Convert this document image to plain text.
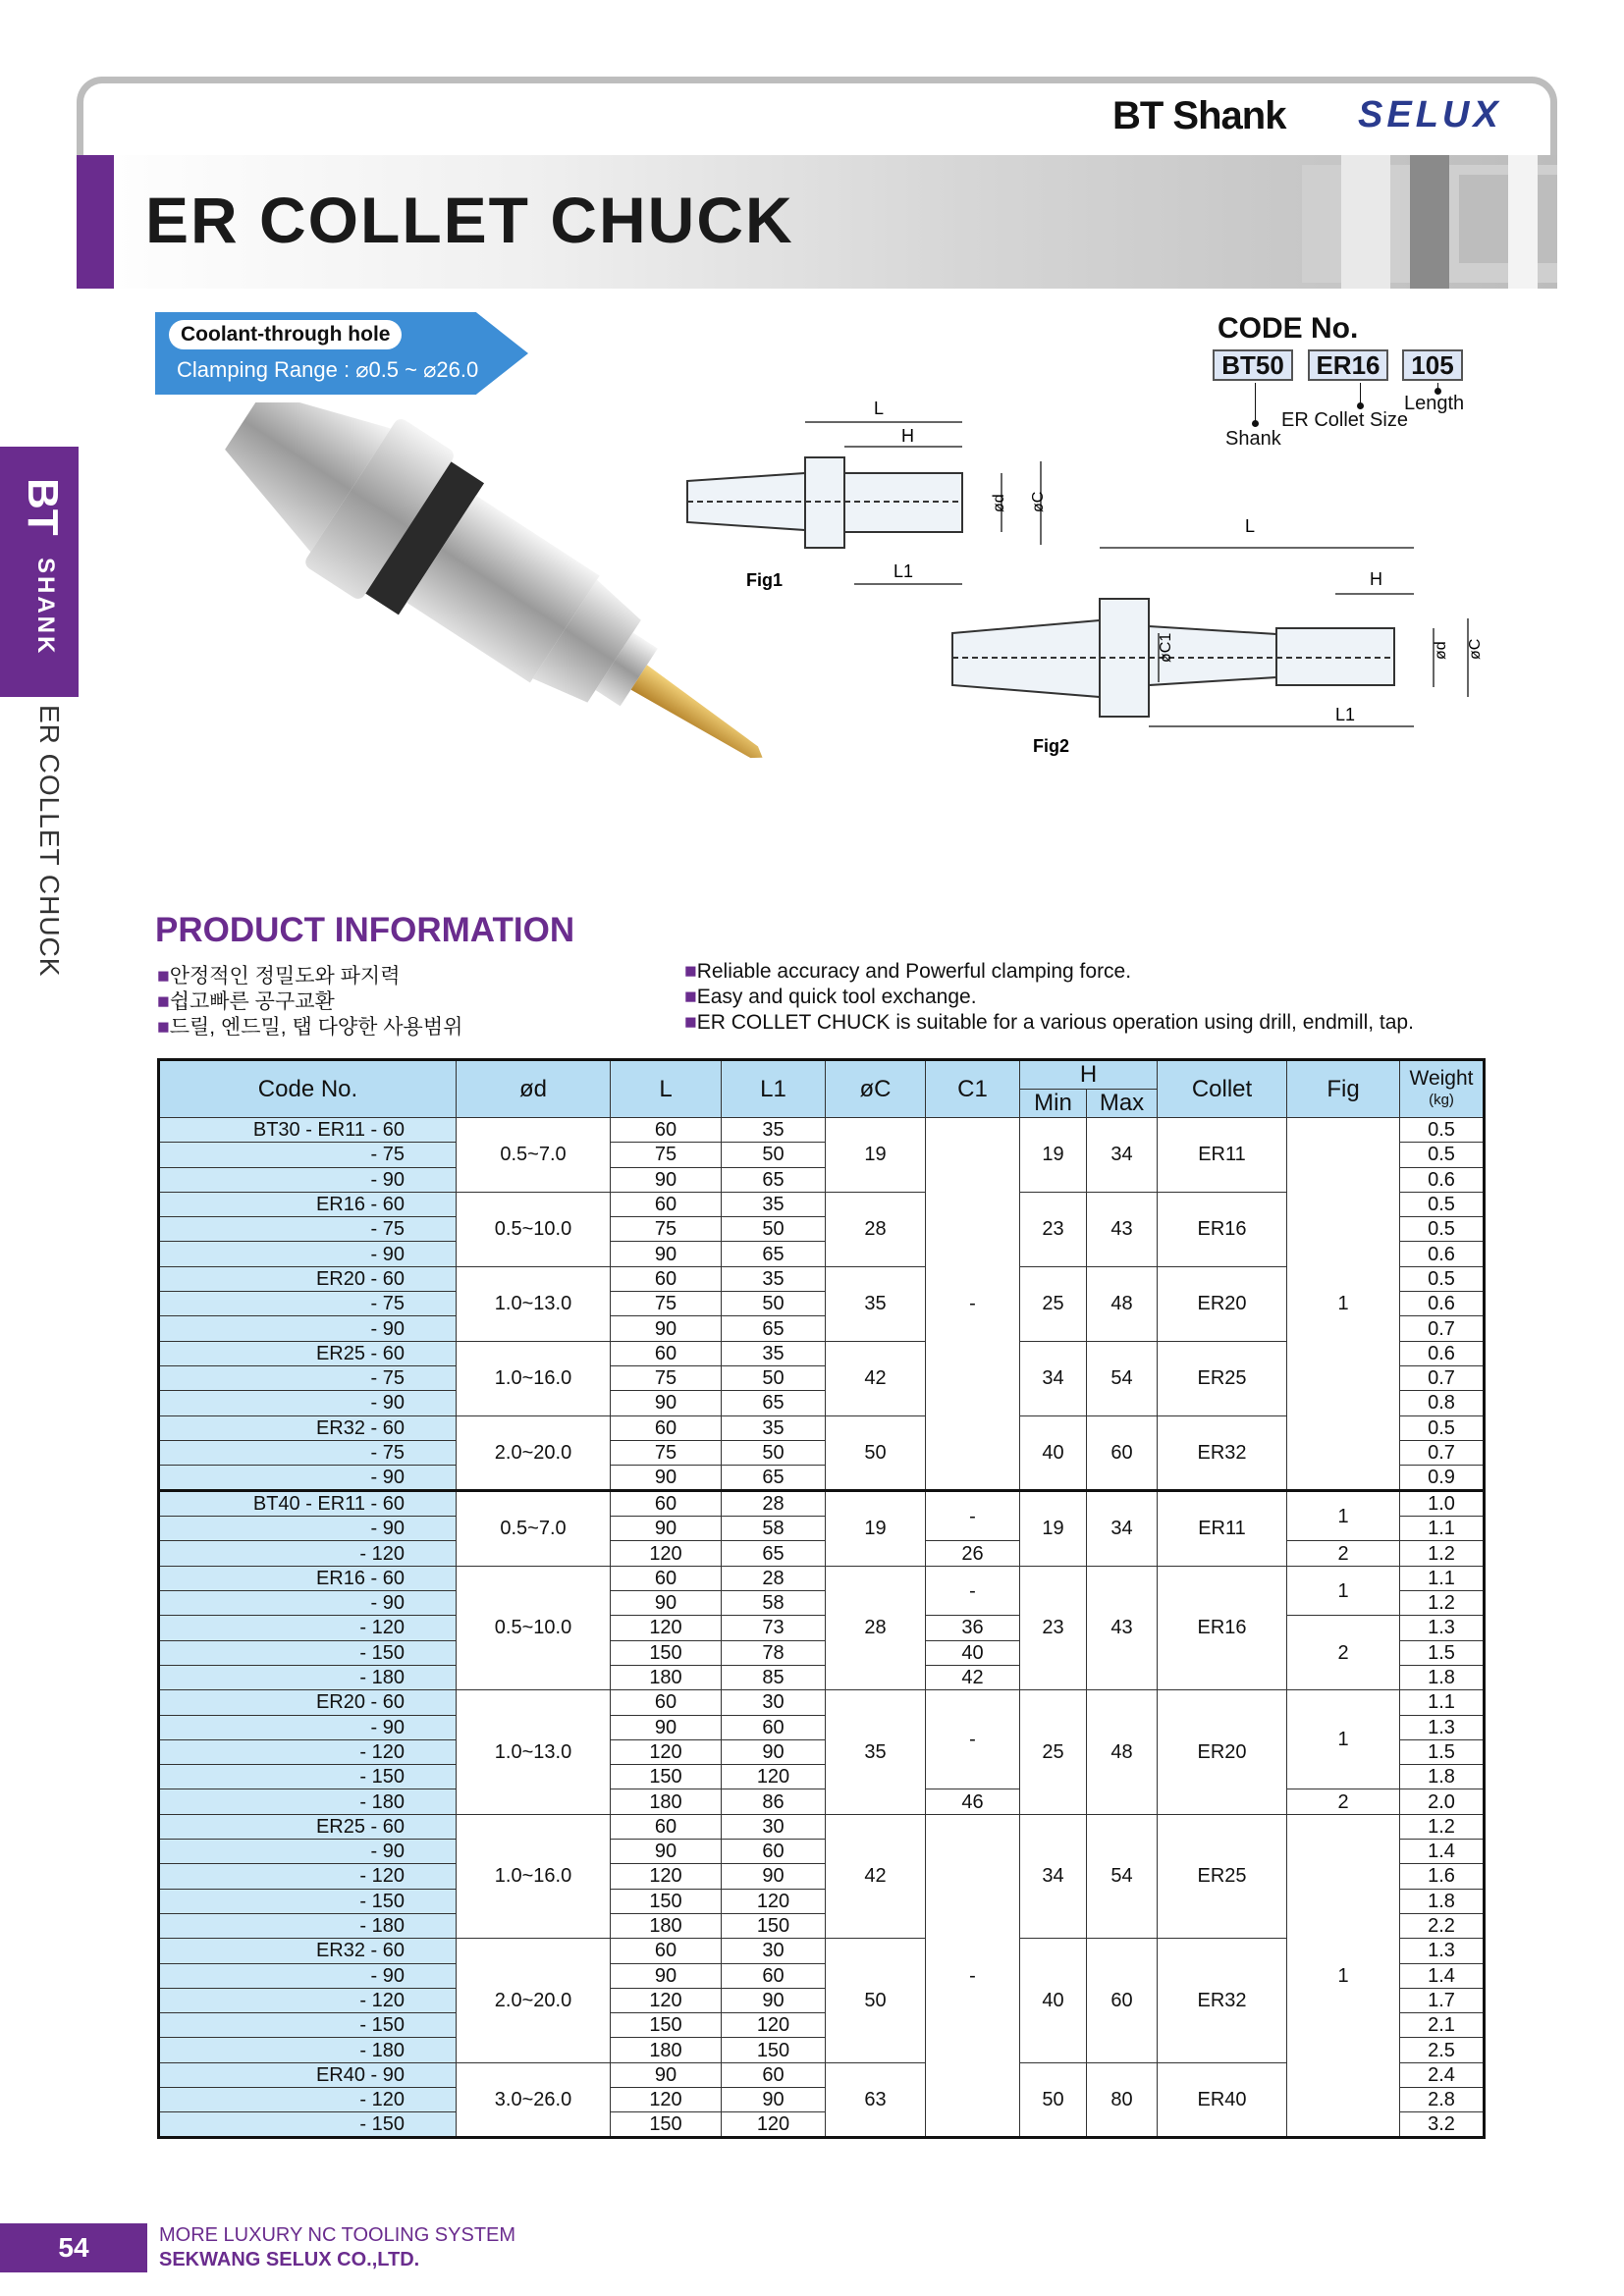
ER COLLET CHUCK
BT Shank SELUX
BT
SHANK
ER COLLET CHUCK
Coolant-through hole
Clamping Range : ⌀0.5 ~ ⌀26.0
CODE No.
BT50	ER16	105
Shank
ER Collet Size
Length
L
H
L1
ød øC
Fig1
L
H
L1
øC1	ød øC
Fig2
PRODUCT INFORMATION
■안정적인 정밀도와 파지력
■쉽고빠른 공구교환
■드릴, 엔드밀, 탭 다양한 사용범위
■Reliable accuracy and Powerful clamping force.
■Easy and quick tool exchange.
■ER COLLET CHUCK is suitable for a various operation using drill, endmill, tap.
Code No.	ød	L	L1	øC	C1	H		Collet	Fig	Weight
(kg)
						Min	Max			
BT30 - ER11 - 60	0.5~7.0	60	35	19	-	19	34	ER11	1	0.5
- 75		75	50							0.5
- 90		90	65							0.6
ER16 - 60	0.5~10.0	60	35	28		23	43	ER16		0.5
- 75		75	50							0.5
- 90		90	65							0.6
ER20 - 60	1.0~13.0	60	35	35		25	48	ER20		0.5
- 75		75	50							0.6
- 90		90	65							0.7
ER25 - 60	1.0~16.0	60	35	42		34	54	ER25		0.6
- 75		75	50							0.7
- 90		90	65							0.8
ER32 - 60	2.0~20.0	60	35	50		40	60	ER32		0.5
- 75		75	50							0.7
- 90		90	65							0.9
BT40 - ER11 - 60	0.5~7.0	60	28	19	-	19	34	ER11	1	1.0
- 90		90	58							1.1
- 120		120	65		26				2	1.2
ER16 - 60	0.5~10.0	60	28	28	-	23	43	ER16	1	1.1
- 90		90	58							1.2
- 120		120	73		36				2	1.3
- 150		150	78		40					1.5
- 180		180	85		42					1.8
ER20 - 60	1.0~13.0	60	30	35	-	25	48	ER20	1	1.1
- 90		90	60							1.3
- 120		120	90							1.5
- 150		150	120							1.8
- 180		180	86		46				2	2.0
ER25 - 60	1.0~16.0	60	30	42	-	34	54	ER25	1	1.2
- 90		90	60							1.4
- 120		120	90							1.6
- 150		150	120							1.8
- 180		180	150							2.2
ER32 - 60	2.0~20.0	60	30	50		40	60	ER32		1.3
- 90		90	60							1.4
- 120		120	90							1.7
- 150		150	120							2.1
- 180		180	150							2.5
ER40 - 90	3.0~26.0	90	60	63		50	80	ER40		2.4
- 120		120	90							2.8
- 150		150	120							3.2
54	MORE LUXURY NC TOOLING SYSTEM
SEKWANG SELUX CO.,LTD.
